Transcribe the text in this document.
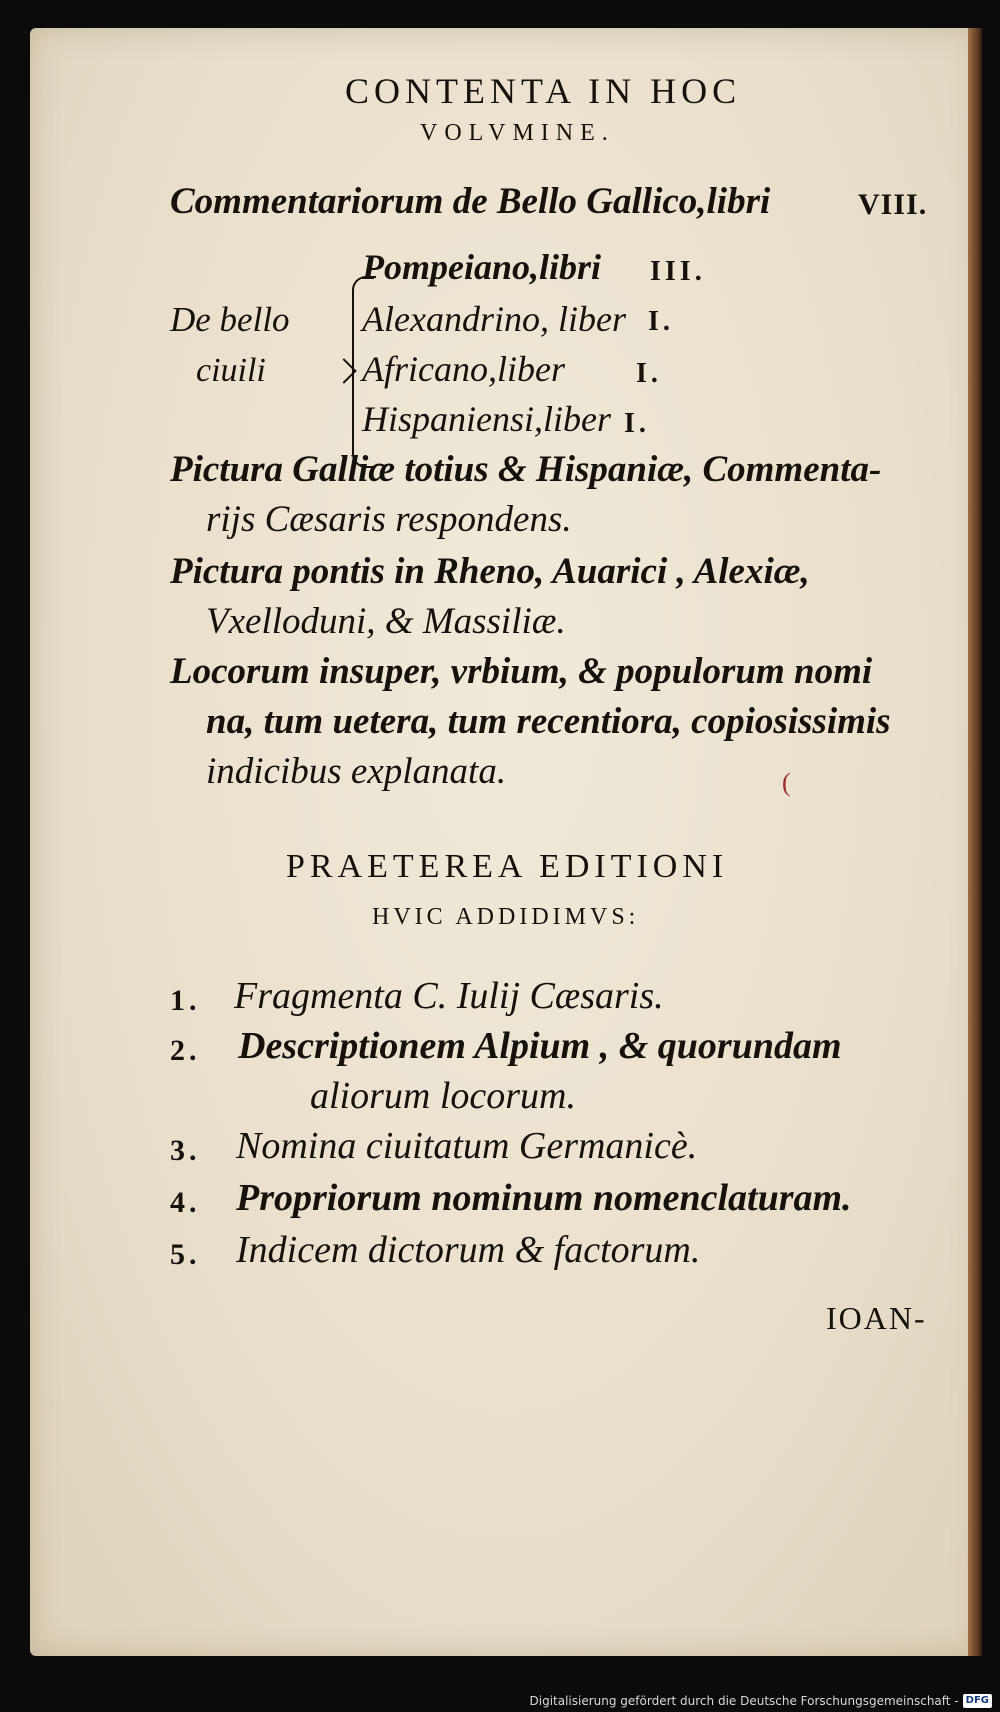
CONTENTA IN HOC
VOLVMINE.
Commentariorum de Bello Gallico,libri	VIII.
De bello
ciuili
Pompeiano,libri III.
Alexandrino, liber I.
Africano,liber	I.
Hispaniensi,liber I.
Pictura Galliæ totius & Hispaniæ, Commenta-
rijs Cæsaris respondens.
Pictura pontis in Rheno, Auarici , Alexiæ,
Vxelloduni, & Massiliæ.
Locorum insuper, vrbium, & populorum nomi
na, tum uetera, tum recentiora, copiosissimis
indicibus explanata.	(
PRAETEREA EDITIONI
HVIC ADDIDIMVS:
1. Fragmenta C. Iulij Cæsaris.
2. Descriptionem Alpium , & quorundam
aliorum locorum.
3. Nomina ciuitatum Germanicè.
4. Propriorum nominum nomenclaturam.
5. Indicem dictorum & factorum.
IOAN-
Digitalisierung gefördert durch die Deutsche Forschungsgemeinschaft - DFG
